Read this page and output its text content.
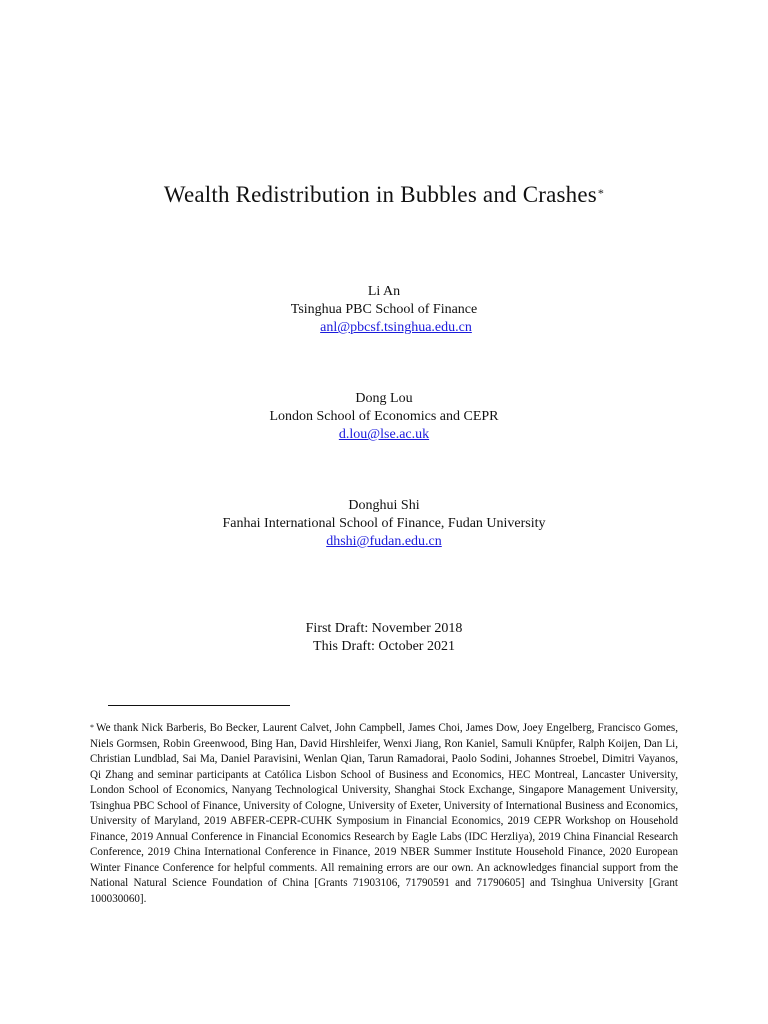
Wealth Redistribution in Bubbles and Crashes*
Li An
Tsinghua PBC School of Finance
anl@pbcsf.tsinghua.edu.cn
Dong Lou
London School of Economics and CEPR
d.lou@lse.ac.uk
Donghui Shi
Fanhai International School of Finance, Fudan University
dhshi@fudan.edu.cn
First Draft: November 2018
This Draft: October 2021
* We thank Nick Barberis, Bo Becker, Laurent Calvet, John Campbell, James Choi, James Dow, Joey Engelberg, Francisco Gomes, Niels Gormsen, Robin Greenwood, Bing Han, David Hirshleifer, Wenxi Jiang, Ron Kaniel, Samuli Knüpfer, Ralph Koijen, Dan Li, Christian Lundblad, Sai Ma, Daniel Paravisini, Wenlan Qian, Tarun Ramadorai, Paolo Sodini, Johannes Stroebel, Dimitri Vayanos, Qi Zhang and seminar participants at Católica Lisbon School of Business and Economics, HEC Montreal, Lancaster University, London School of Economics, Nanyang Technological University, Shanghai Stock Exchange, Singapore Management University, Tsinghua PBC School of Finance, University of Cologne, University of Exeter, University of International Business and Economics, University of Maryland, 2019 ABFER-CEPR-CUHK Symposium in Financial Economics, 2019 CEPR Workshop on Household Finance, 2019 Annual Conference in Financial Economics Research by Eagle Labs (IDC Herzliya), 2019 China Financial Research Conference, 2019 China International Conference in Finance, 2019 NBER Summer Institute Household Finance, 2020 European Winter Finance Conference for helpful comments. All remaining errors are our own. An acknowledges financial support from the National Natural Science Foundation of China [Grants 71903106, 71790591 and 71790605] and Tsinghua University [Grant 100030060].
